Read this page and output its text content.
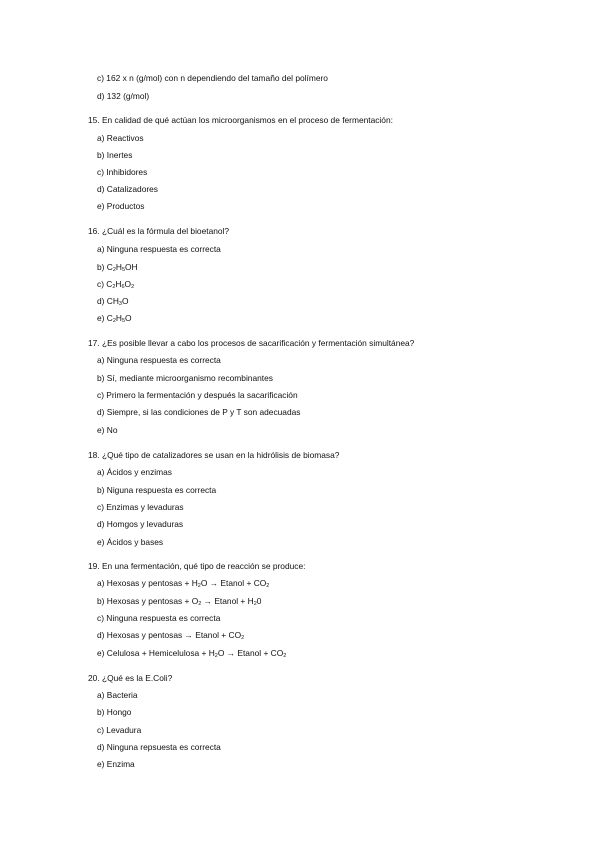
c) 162 x n (g/mol) con n dependiendo del tamaño del polímero
d) 132 (g/mol)
15. En calidad de qué actúan los microorganismos en el proceso de fermentación:
a) Reactivos
b) Inertes
c) Inhibidores
d) Catalizadores
e) Productos
16. ¿Cuál es la fórmula del bioetanol?
a) Ninguna respuesta es correcta
b) $C_2H_5OH$
c) $C_2H_6O_2$
d) $CH_3O$
e) $C_2H_5O$
17. ¿Es posible llevar a cabo los procesos de sacarificación y fermentación simultánea?
a) Ninguna respuesta es correcta
b) Sí, mediante microorganismo recombinantes
c) Primero la fermentación y después la sacarificación
d) Siempre, si las condiciones de P y T son adecuadas
e) No
18. ¿Qué tipo de catalizadores se usan en la hidrólisis de biomasa?
a) Ácidos y enzimas
b) Niguna respuesta es correcta
c) Enzimas y levaduras
d) Homgos y levaduras
e) Ácidos y bases
19. En una fermentación, qué tipo de reacción se produce:
a) Hexosas y pentosas + $H_2O$ → Etanol + $CO_2$
b) Hexosas y pentosas + $O_2$ → Etanol + $H_20$
c) Ninguna respuesta es correcta
d) Hexosas y pentosas → Etanol + $CO_2$
e) Celulosa + Hemicelulosa + $H_2O$ → Etanol + $CO_2$
20. ¿Qué es la E.Coli?
a) Bacteria
b) Hongo
c) Levadura
d) Ninguna repsuesta es correcta
e) Enzima
